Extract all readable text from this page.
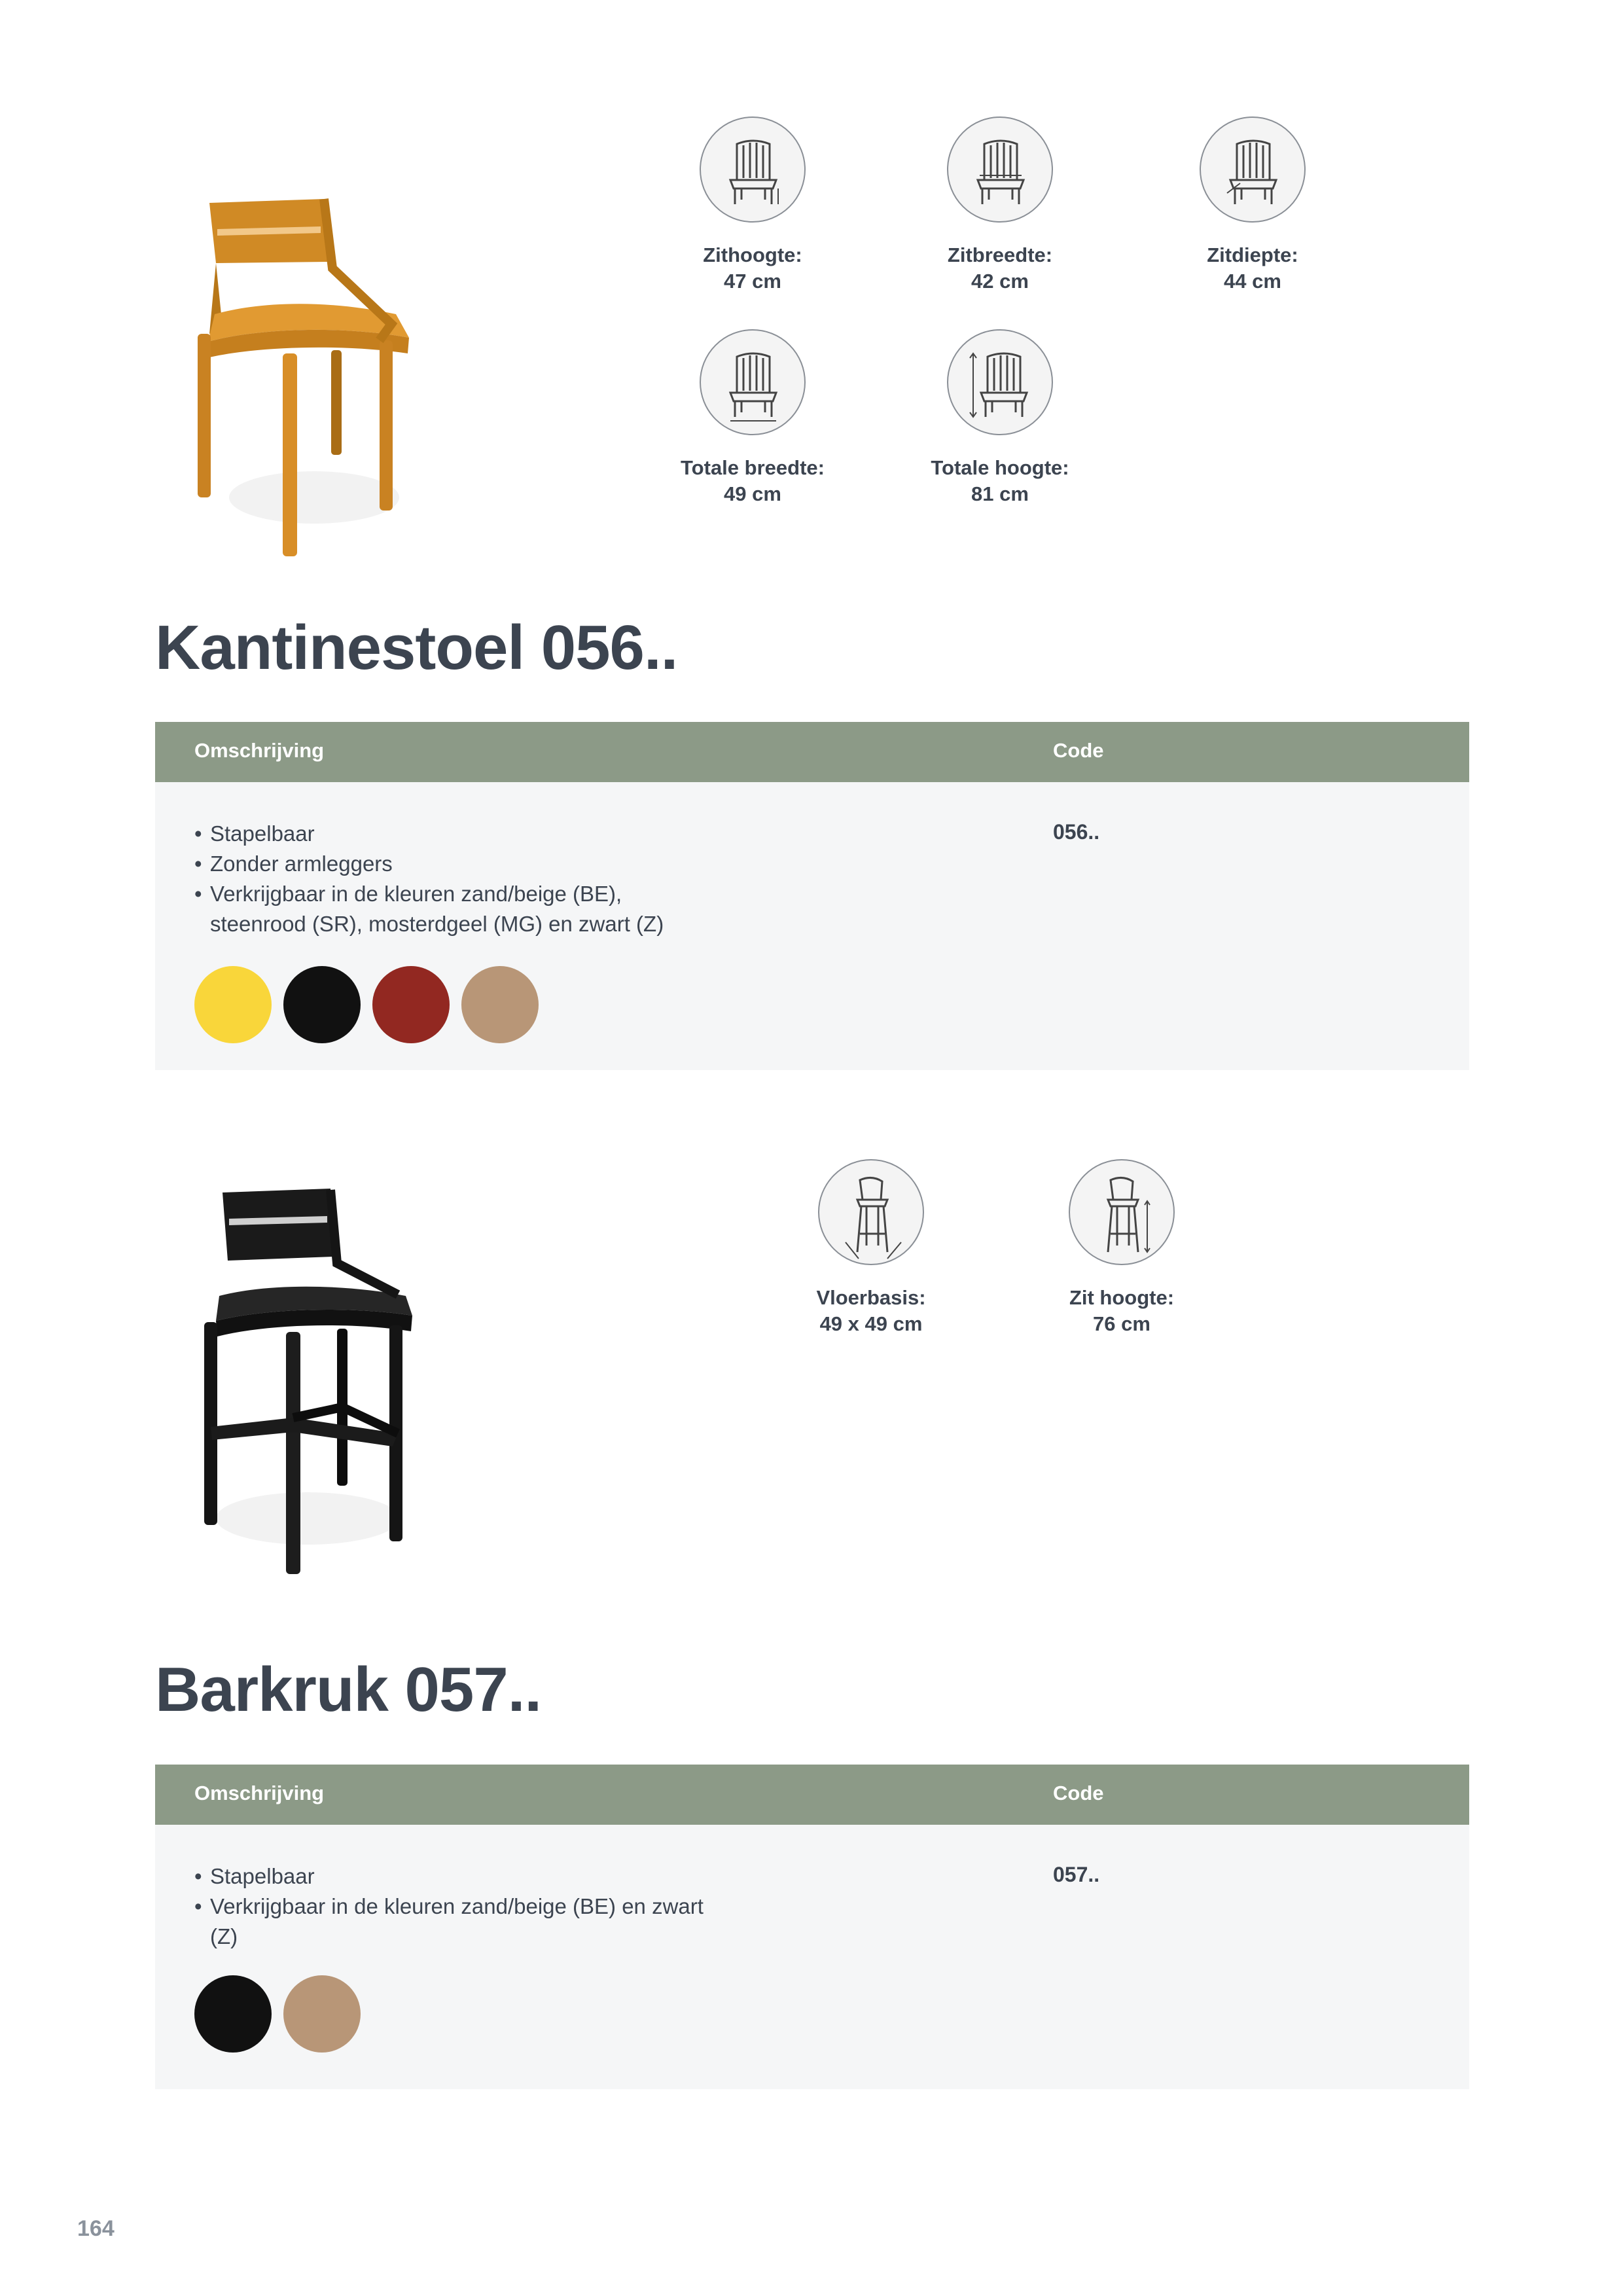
Zithoogte:
47 cm
Zitbreedte:
42 cm
Zitdiepte:
44 cm
Totale breedte:
49 cm
Totale hoogte:
81 cm
Kantinestoel 056..
Omschrijving	Code
• Stapelbaar
• Zonder armleggers
• Verkrijgbaar in de kleuren zand/beige (BE), steenrood (SR), mosterdgeel (MG) en zwart (Z)
056..
Vloerbasis:
49 x 49 cm
Zit hoogte:
76 cm
Barkruk 057..
Omschrijving	Code
• Stapelbaar
• Verkrijgbaar in de kleuren zand/beige (BE) en zwart (Z)
057..
164
